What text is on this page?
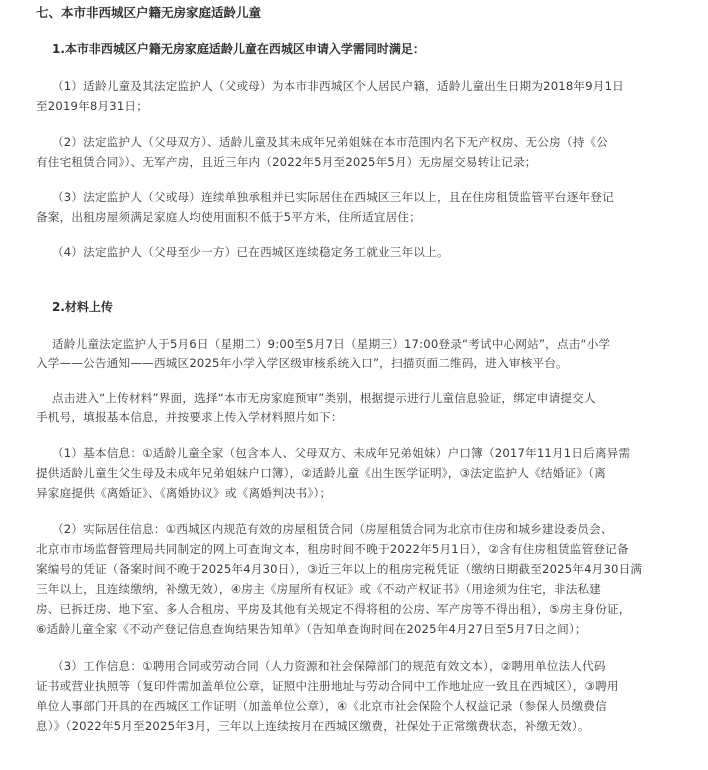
七、本市非西城区户籍无房家庭适龄儿童
1.本市非西城区户籍无房家庭适龄儿童在西城区申请入学需同时满足：
（1）适龄儿童及其法定监护人（父或母）为本市非西城区个人居民户籍，适龄儿童出生日期为2018年9月1日
至2019年8月31日；
（2）法定监护人（父母双方）、适龄儿童及其未成年兄弟姐妹在本市范围内名下无产权房、无公房（持《公
有住宅租赁合同》）、无军产房，且近三年内（2022年5月至2025年5月）无房屋交易转让记录；
（3）法定监护人（父或母）连续单独承租并已实际居住在西城区三年以上，且在住房租赁监管平台逐年登记
备案，出租房屋须满足家庭人均使用面积不低于5平方米，住所适宜居住；
（4）法定监护人（父母至少一方）已在西城区连续稳定务工就业三年以上。
2.材料上传
适龄儿童法定监护人于5月6日（星期二）9:00至5月7日（星期三）17:00登录“考试中心网站”，点击“小学
入学——公告通知——西城区2025年小学入学区级审核系统入口”，扫描页面二维码，进入审核平台。
点击进入“上传材料”界面，选择“本市无房家庭预审”类别，根据提示进行儿童信息验证，绑定申请提交人
手机号，填报基本信息，并按要求上传入学材料照片如下：
（1）基本信息：①适龄儿童全家（包含本人、父母双方、未成年兄弟姐妹）户口簿（2017年11月1日后离异需
提供适龄儿童生父生母及未成年兄弟姐妹户口簿），②适龄儿童《出生医学证明》，③法定监护人《结婚证》（离
异家庭提供《离婚证》、《离婚协议》或《离婚判决书》）；
（2）实际居住信息：①西城区内规范有效的房屋租赁合同（房屋租赁合同为北京市住房和城乡建设委员会、
北京市市场监督管理局共同制定的网上可查询文本，租房时间不晚于2022年5月1日），②含有住房租赁监管登记备
案编号的凭证（备案时间不晚于2025年4月30日），③近三年以上的租房完税凭证（缴纳日期截至2025年4月30日满
三年以上，且连续缴纳，补缴无效），④房主《房屋所有权证》或《不动产权证书》（用途须为住宅，非法私建
房、已拆迁房、地下室、多人合租房、平房及其他有关规定不得将租的公房、军产房等不得出租），⑤房主身份证，
⑥适龄儿童全家《不动产登记信息查询结果告知单》（告知单查询时间在2025年4月27日至5月7日之间）；
（3）工作信息：①聘用合同或劳动合同（人力资源和社会保障部门的规范有效文本），②聘用单位法人代码
证书或营业执照等（复印件需加盖单位公章，证照中注册地址与劳动合同中工作地址应一致且在西城区），③聘用
单位人事部门开具的在西城区工作证明（加盖单位公章），④《北京市社会保险个人权益记录（参保人员缴费信
息）》（2022年5月至2025年3月，三年以上连续按月在西城区缴费，社保处于正常缴费状态，补缴无效）。
